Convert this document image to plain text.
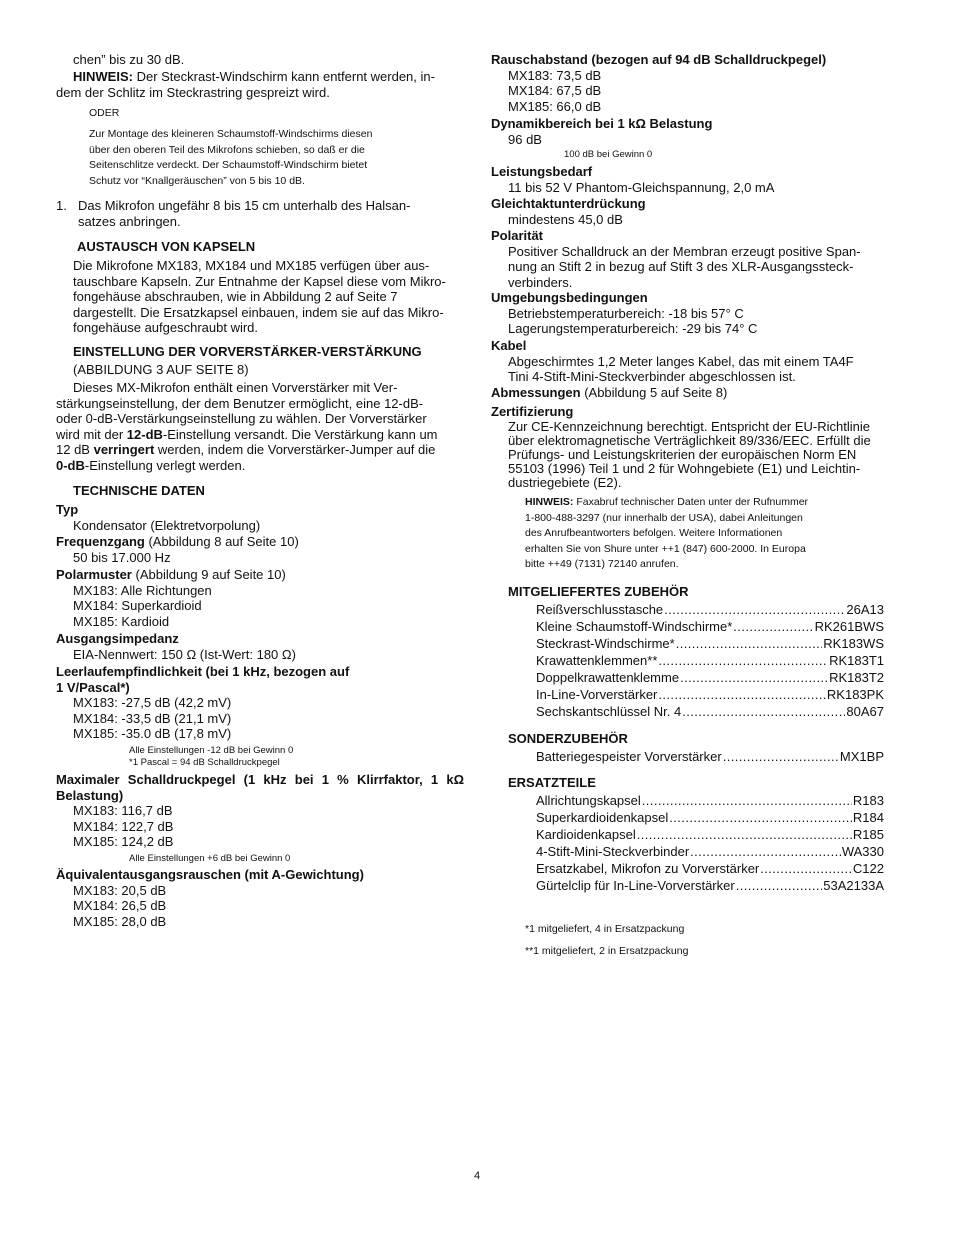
chen” bis zu 30 dB.
HINWEIS: Der Steckrast-Windschirm kann entfernt werden, in-
dem der Schlitz im Steckrastring gespreizt wird.
ODER
Zur Montage des kleineren Schaumstoff-Windschirms diesen
über den oberen Teil des Mikrofons schieben, so daß er die
Seitenschlitze verdeckt. Der Schaumstoff-Windschirm bietet
Schutz vor “Knallgeräuschen” von 5 bis 10 dB.
1. Das Mikrofon ungefähr 8 bis 15 cm unterhalb des Halsan-
satzes anbringen.
AUSTAUSCH VON KAPSELN
Die Mikrofone MX183, MX184 und MX185 verfügen über aus-
tauschbare Kapseln. Zur Entnahme der Kapsel diese vom Mikro-
fongehäuse abschrauben, wie in Abbildung 2 auf Seite 7
dargestellt. Die Ersatzkapsel einbauen, indem sie auf das Mikro-
fongehäuse aufgeschraubt wird.
EINSTELLUNG DER VORVERSTÄRKER-VERSTÄRKUNG
(ABBILDUNG 3 AUF SEITE 8)
Dieses MX-Mikrofon enthält einen Vorverstärker mit Ver-
stärkungseinstellung, der dem Benutzer ermöglicht, eine 12-dB-
oder 0-dB-Verstärkungseinstellung zu wählen. Der Vorverstärker
wird mit der 12-dB-Einstellung versandt. Die Verstärkung kann um
12 dB verringert werden, indem die Vorverstärker-Jumper auf die
0-dB-Einstellung verlegt werden.
TECHNISCHE DATEN
Typ
Kondensator (Elektretvorpolung)
Frequenzgang (Abbildung 8 auf Seite 10)
50 bis 17.000 Hz
Polarmuster (Abbildung 9 auf Seite 10)
MX183: Alle Richtungen
MX184: Superkardioid
MX185: Kardioid
Ausgangsimpedanz
EIA-Nennwert: 150 Ω (Ist-Wert: 180 Ω)
Leerlaufempfindlichkeit (bei 1 kHz, bezogen auf
1 V/Pascal*)
MX183: -27,5 dB (42,2 mV)
MX184: -33,5 dB (21,1 mV)
MX185: -35.0 dB (17,8 mV)
Alle Einstellungen -12 dB bei Gewinn 0
*1 Pascal = 94 dB Schalldruckpegel
Maximaler Schalldruckpegel (1 kHz bei 1 % Klirrfaktor, 1 kΩ
Belastung)
MX183: 116,7 dB
MX184: 122,7 dB
MX185: 124,2 dB
Alle Einstellungen +6 dB bei Gewinn 0
Äquivalentausgangsrauschen (mit A-Gewichtung)
MX183: 20,5 dB
MX184: 26,5 dB
MX185: 28,0 dB
Rauschabstand (bezogen auf 94 dB Schalldruckpegel)
MX183: 73,5 dB
MX184: 67,5 dB
MX185: 66,0 dB
Dynamikbereich bei 1 kΩ Belastung
96 dB
100 dB bei Gewinn 0
Leistungsbedarf
11 bis 52 V Phantom-Gleichspannung, 2,0 mA
Gleichtaktunterdrückung
mindestens 45,0 dB
Polarität
Positiver Schalldruck an der Membran erzeugt positive Span-
nung an Stift 2 in bezug auf Stift 3 des XLR-Ausgangssteck-
verbinders.
Umgebungsbedingungen
Betriebstemperaturbereich: -18 bis 57° C
Lagerungstemperaturbereich: -29 bis 74° C
Kabel
Abgeschirmtes 1,2 Meter langes Kabel, das mit einem TA4F
Tini 4-Stift-Mini-Steckverbinder abgeschlossen ist.
Abmessungen (Abbildung 5 auf Seite 8)
Zertifizierung
Zur CE-Kennzeichnung berechtigt. Entspricht der EU-Richtlinie
über elektromagnetische Verträglichkeit 89/336/EEC. Erfüllt die
Prüfungs- und Leistungskriterien der europäischen Norm EN
55103 (1996) Teil 1 und 2 für Wohngebiete (E1) und Leichtin-
dustriegebiete (E2).
HINWEIS: Faxabruf technischer Daten unter der Rufnummer
1-800-488-3297 (nur innerhalb der USA), dabei Anleitungen
des Anrufbeantworters befolgen. Weitere Informationen
erhalten Sie von Shure unter ++1 (847) 600-2000. In Europa
bitte ++49 (7131) 72140 anrufen.
MITGELIEFERTES ZUBEHÖR
Reißverschlusstasche .....	26A13
Kleine Schaumstoff-Windschirme* .....	RK261BWS
Steckrast-Windschirme* .....	RK183WS
Krawattenklemmen** .....	RK183T1
Doppelkrawattenklemme .....	RK183T2
In-Line-Vorverstärker .....	RK183PK
Sechskantschlüssel Nr. 4 .....	80A67
SONDERZUBEHÖR
Batteriegespeister Vorverstärker .....	MX1BP
ERSATZTEILE
Allrichtungskapsel .....	R183
Superkardioidenkapsel .....	R184
Kardioidenkapsel .....	R185
4-Stift-Mini-Steckverbinder .....	WA330
Ersatzkabel, Mikrofon zu Vorverstärker .....	C122
Gürtelclip für In-Line-Vorverstärker .....	53A2133A
*1 mitgeliefert, 4 in Ersatzpackung
**1 mitgeliefert, 2 in Ersatzpackung
4
